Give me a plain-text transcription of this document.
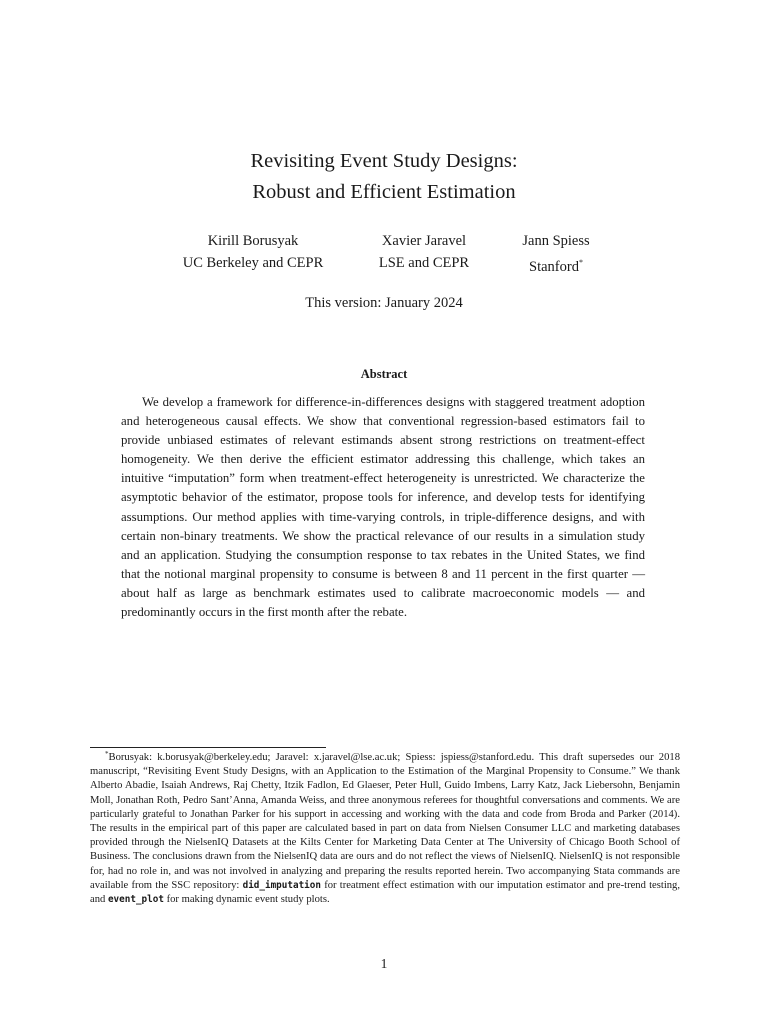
Revisiting Event Study Designs:
Robust and Efficient Estimation
Kirill Borusyak
UC Berkeley and CEPR
Xavier Jaravel
LSE and CEPR
Jann Spiess
Stanford*
This version: January 2024
Abstract

We develop a framework for difference-in-differences designs with staggered treatment adoption and heterogeneous causal effects. We show that conventional regression-based estimators fail to provide unbiased estimates of relevant estimands absent strong restrictions on treatment-effect homogeneity. We then derive the efficient estimator addressing this challenge, which takes an intuitive “imputation” form when treatment-effect heterogeneity is unrestricted. We characterize the asymptotic behavior of the estimator, propose tools for inference, and develop tests for identifying assumptions. Our method applies with time-varying controls, in triple-difference designs, and with certain non-binary treatments. We show the practical relevance of our results in a simulation study and an application. Studying the consumption response to tax rebates in the United States, we find that the notional marginal propensity to consume is between 8 and 11 percent in the first quarter — about half as large as benchmark estimates used to calibrate macroeconomic models — and predominantly occurs in the first month after the rebate.

*Borusyak: k.borusyak@berkeley.edu; Jaravel: x.jaravel@lse.ac.uk; Spiess: jspiess@stanford.edu. This draft supersedes our 2018 manuscript, “Revisiting Event Study Designs, with an Application to the Estimation of the Marginal Propensity to Consume.” We thank Alberto Abadie, Isaiah Andrews, Raj Chetty, Itzik Fadlon, Ed Glaeser, Peter Hull, Guido Imbens, Larry Katz, Jack Liebersohn, Benjamin Moll, Jonathan Roth, Pedro Sant’Anna, Amanda Weiss, and three anonymous referees for thoughtful conversations and comments. We are particularly grateful to Jonathan Parker for his support in accessing and working with the data and code from Broda and Parker (2014). The results in the empirical part of this paper are calculated based in part on data from Nielsen Consumer LLC and marketing databases provided through the NielsenIQ Datasets at the Kilts Center for Marketing Data Center at The University of Chicago Booth School of Business. The conclusions drawn from the NielsenIQ data are ours and do not reflect the views of NielsenIQ. NielsenIQ is not responsible for, had no role in, and was not involved in analyzing and preparing the results reported herein. Two accompanying Stata commands are available from the SSC repository: did_imputation for treatment effect estimation with our imputation estimator and pre-trend testing, and event_plot for making dynamic event study plots.

1
